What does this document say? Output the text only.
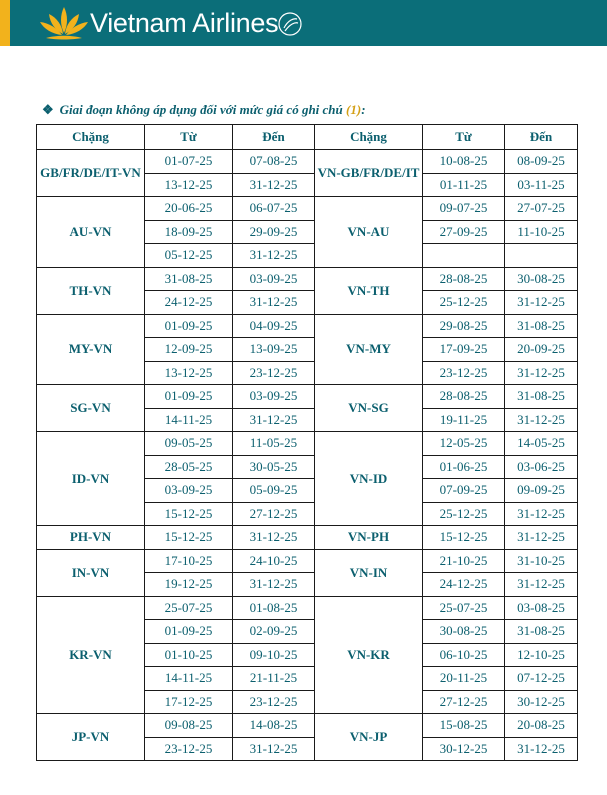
Vietnam Airlines
❖ Giai đoạn không áp dụng đối với mức giá có ghi chú (1):
Chặng	Từ	Đến	Chặng	Từ	Đến
GB/FR/DE/IT-VN	01-07-25	07-08-25	VN-GB/FR/DE/IT	10-08-25	08-09-25
	13-12-25	31-12-25		01-11-25	03-11-25
AU-VN	20-06-25	06-07-25	VN-AU	09-07-25	27-07-25
	18-09-25	29-09-25		27-09-25	11-10-25
	05-12-25	31-12-25			
TH-VN	31-08-25	03-09-25	VN-TH	28-08-25	30-08-25
	24-12-25	31-12-25		25-12-25	31-12-25
MY-VN	01-09-25	04-09-25	VN-MY	29-08-25	31-08-25
	12-09-25	13-09-25		17-09-25	20-09-25
	13-12-25	23-12-25		23-12-25	31-12-25
SG-VN	01-09-25	03-09-25	VN-SG	28-08-25	31-08-25
	14-11-25	31-12-25		19-11-25	31-12-25
ID-VN	09-05-25	11-05-25	VN-ID	12-05-25	14-05-25
	28-05-25	30-05-25		01-06-25	03-06-25
	03-09-25	05-09-25		07-09-25	09-09-25
	15-12-25	27-12-25		25-12-25	31-12-25
PH-VN	15-12-25	31-12-25	VN-PH	15-12-25	31-12-25
IN-VN	17-10-25	24-10-25	VN-IN	21-10-25	31-10-25
	19-12-25	31-12-25		24-12-25	31-12-25
KR-VN	25-07-25	01-08-25	VN-KR	25-07-25	03-08-25
	01-09-25	02-09-25		30-08-25	31-08-25
	01-10-25	09-10-25		06-10-25	12-10-25
	14-11-25	21-11-25		20-11-25	07-12-25
	17-12-25	23-12-25		27-12-25	30-12-25
JP-VN	09-08-25	14-08-25	VN-JP	15-08-25	20-08-25
	23-12-25	31-12-25		30-12-25	31-12-25
